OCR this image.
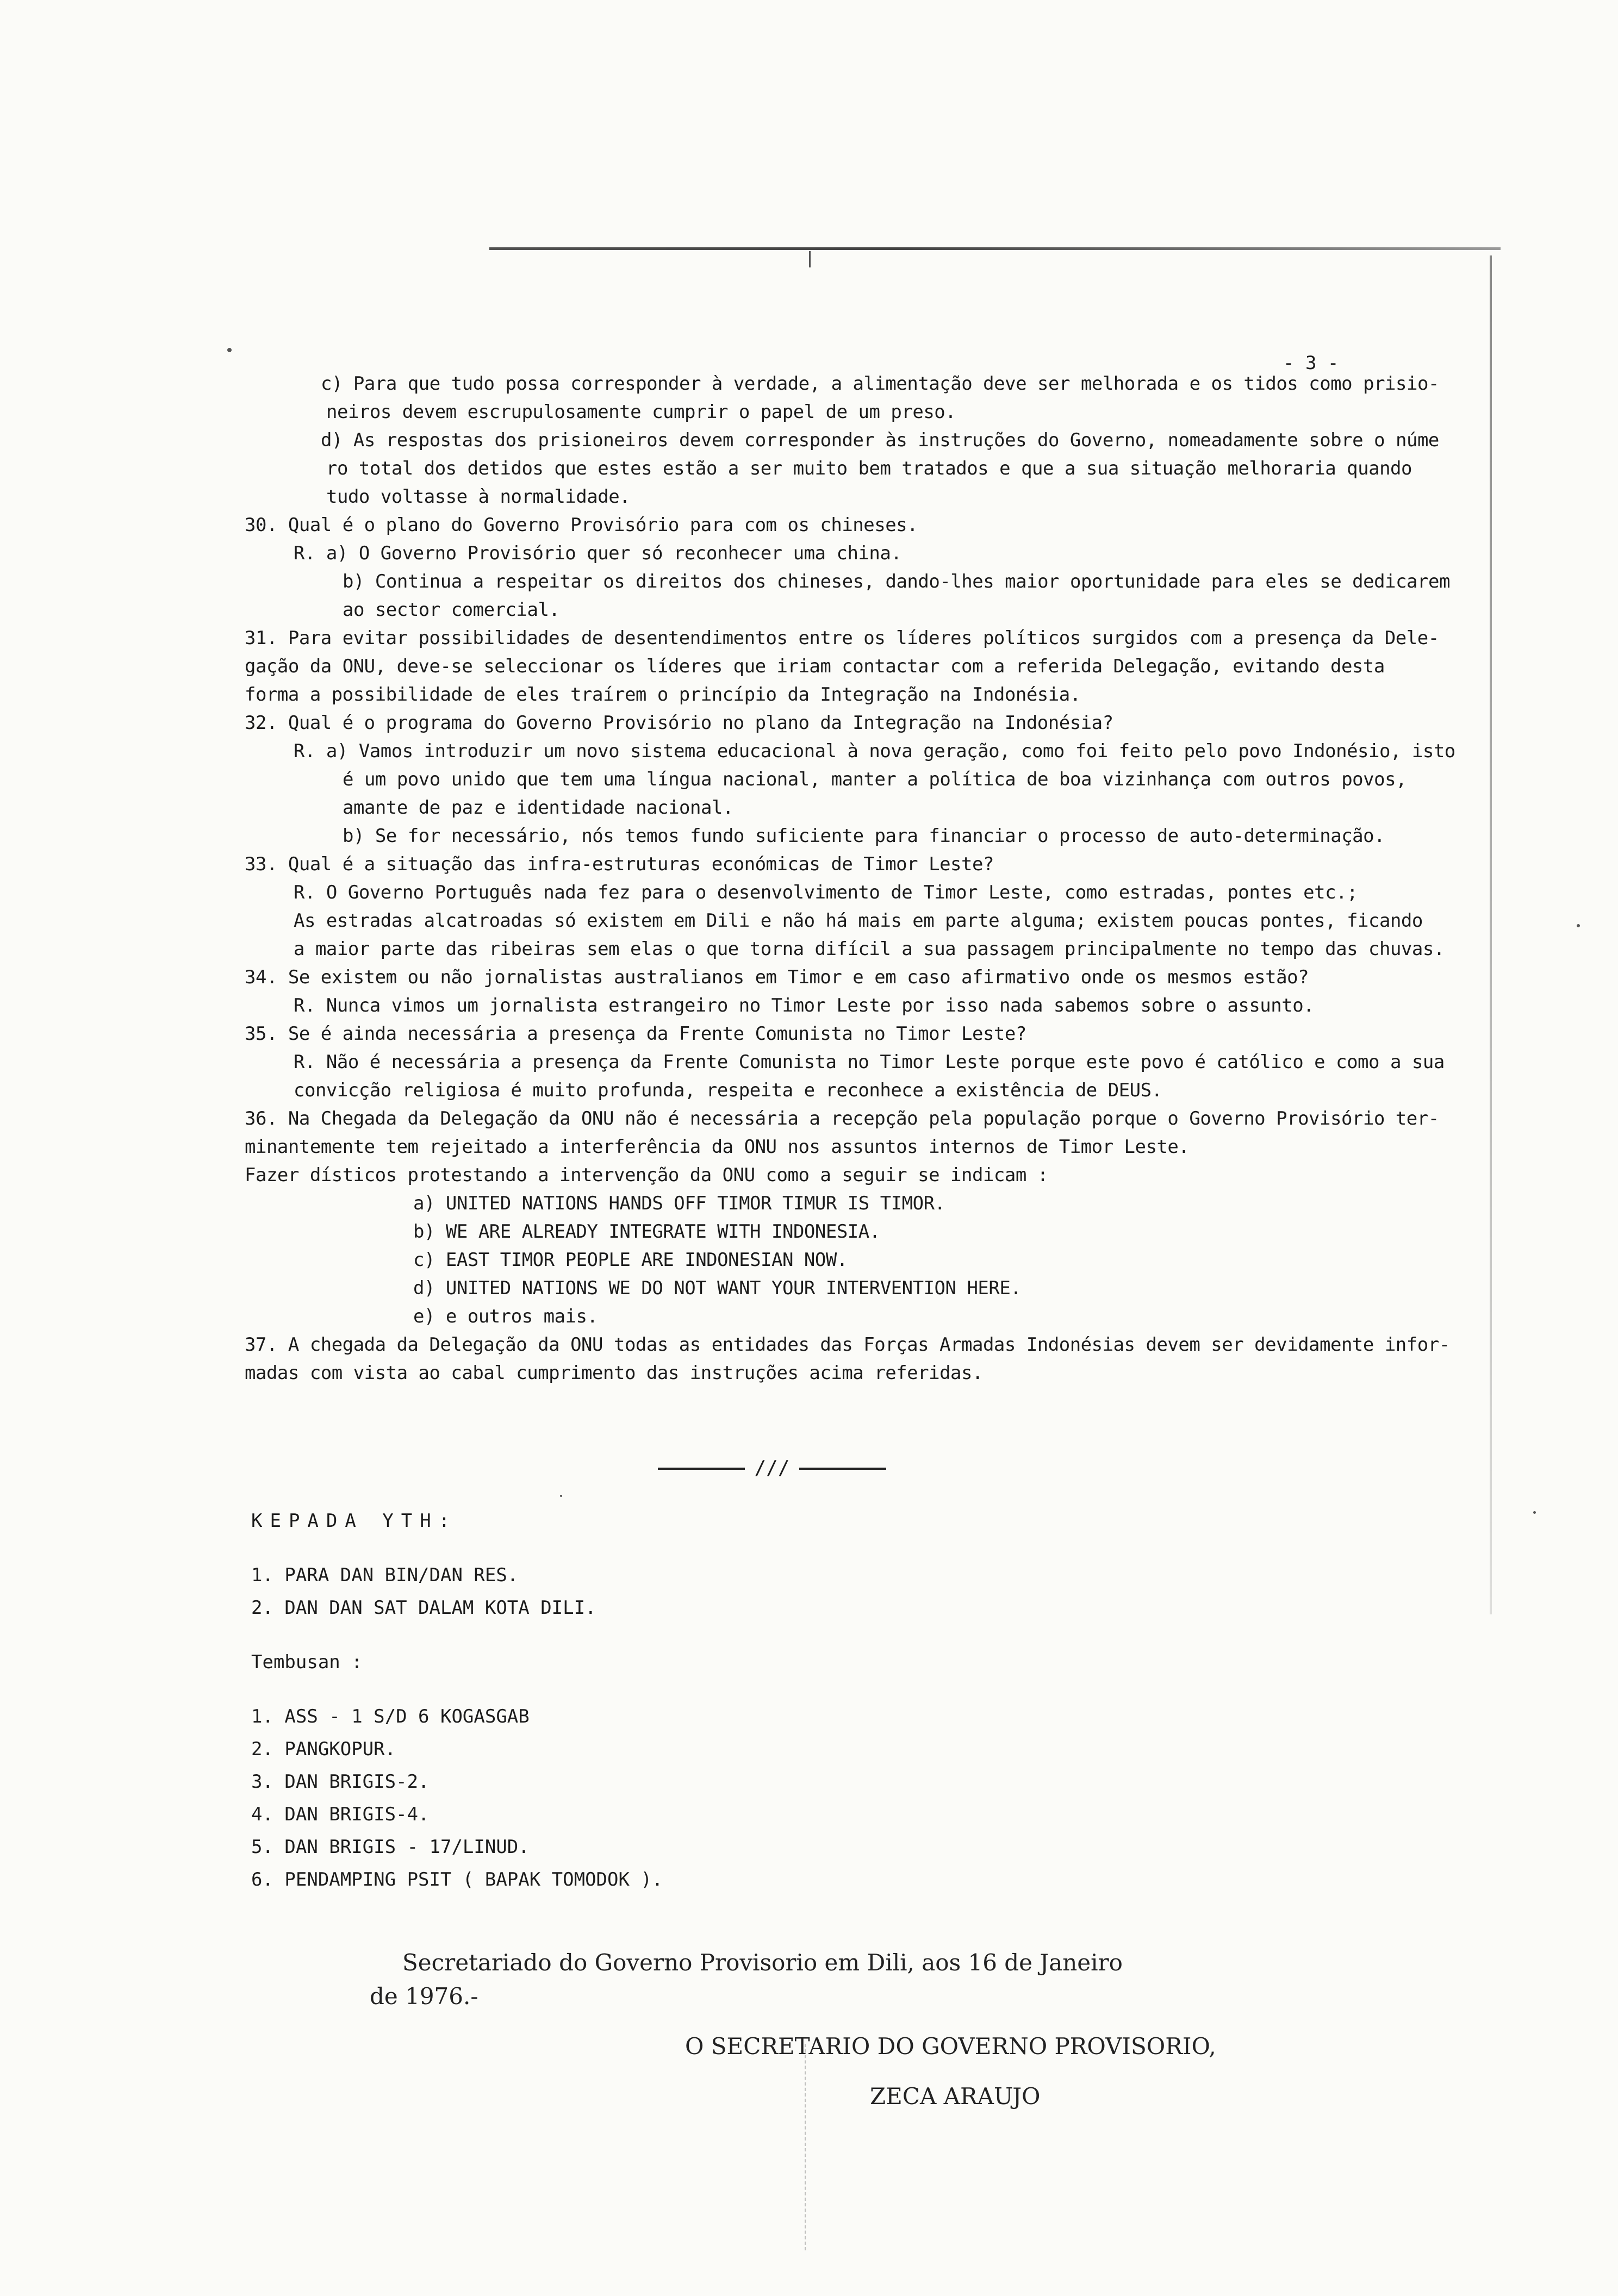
- 3 -
c) Para que tudo possa corresponder à verdade, a alimentação deve ser melhorada e os tidos como prisio-
neiros devem escrupulosamente cumprir o papel de um preso.
d) As respostas dos prisioneiros devem corresponder às instruções do Governo, nomeadamente sobre o núme
ro total dos detidos que estes estão a ser muito bem tratados e que a sua situação melhoraria quando
tudo voltasse à normalidade.
30. Qual é o plano do Governo Provisório para com os chineses.
R. a) O Governo Provisório quer só reconhecer uma china.
b) Continua a respeitar os direitos dos chineses, dando-lhes maior oportunidade para eles se dedicarem
ao sector comercial.
31. Para evitar possibilidades de desentendimentos entre os líderes políticos surgidos com a presença da Dele-
gação da ONU, deve-se seleccionar os líderes que iriam contactar com a referida Delegação, evitando desta
forma a possibilidade de eles traírem o princípio da Integração na Indonésia.
32. Qual é o programa do Governo Provisório no plano da Integração na Indonésia?
R. a) Vamos introduzir um novo sistema educacional à nova geração, como foi feito pelo povo Indonésio, isto
é um povo unido que tem uma língua nacional, manter a política de boa vizinhança com outros povos,
amante de paz e identidade nacional.
b) Se for necessário, nós temos fundo suficiente para financiar o processo de auto-determinação.
33. Qual é a situação das infra-estruturas económicas de Timor Leste?
R. O Governo Português nada fez para o desenvolvimento de Timor Leste, como estradas, pontes etc.;
As estradas alcatroadas só existem em Dili e não há mais em parte alguma; existem poucas pontes, ficando
a maior parte das ribeiras sem elas o que torna difícil a sua passagem principalmente no tempo das chuvas.
34. Se existem ou não jornalistas australianos em Timor e em caso afirmativo onde os mesmos estão?
R. Nunca vimos um jornalista estrangeiro no Timor Leste por isso nada sabemos sobre o assunto.
35. Se é ainda necessária a presença da Frente Comunista no Timor Leste?
R. Não é necessária a presença da Frente Comunista no Timor Leste porque este povo é católico e como a sua
convicção religiosa é muito profunda, respeita e reconhece a existência de DEUS.
36. Na Chegada da Delegação da ONU não é necessária a recepção pela população porque o Governo Provisório ter-
minantemente tem rejeitado a interferência da ONU nos assuntos internos de Timor Leste.
Fazer dísticos protestando a intervenção da ONU como a seguir se indicam :
a) UNITED NATIONS HANDS OFF TIMOR TIMUR IS TIMOR.
b) WE ARE ALREADY INTEGRATE WITH INDONESIA.
c) EAST TIMOR PEOPLE ARE INDONESIAN NOW.
d) UNITED NATIONS WE DO NOT WANT YOUR INTERVENTION HERE.
e) e outros mais.
37. A chegada da Delegação da ONU todas as entidades das Forças Armadas Indonésias devem ser devidamente infor-
madas com vista ao cabal cumprimento das instruções acima referidas.
///
KEPADA YTH:
1. PARA DAN BIN/DAN RES.
2. DAN DAN SAT DALAM KOTA DILI.
Tembusan :
1. ASS - 1 S/D 6 KOGASGAB
2. PANGKOPUR.
3. DAN BRIGIS-2.
4. DAN BRIGIS-4.
5. DAN BRIGIS - 17/LINUD.
6. PENDAMPING PSIT ( BAPAK TOMODOK ).
Secretariado do Governo Provisorio em Dili, aos 16 de Janeiro
de 1976.-
O SECRETARIO DO GOVERNO PROVISORIO,
ZECA ARAUJO
